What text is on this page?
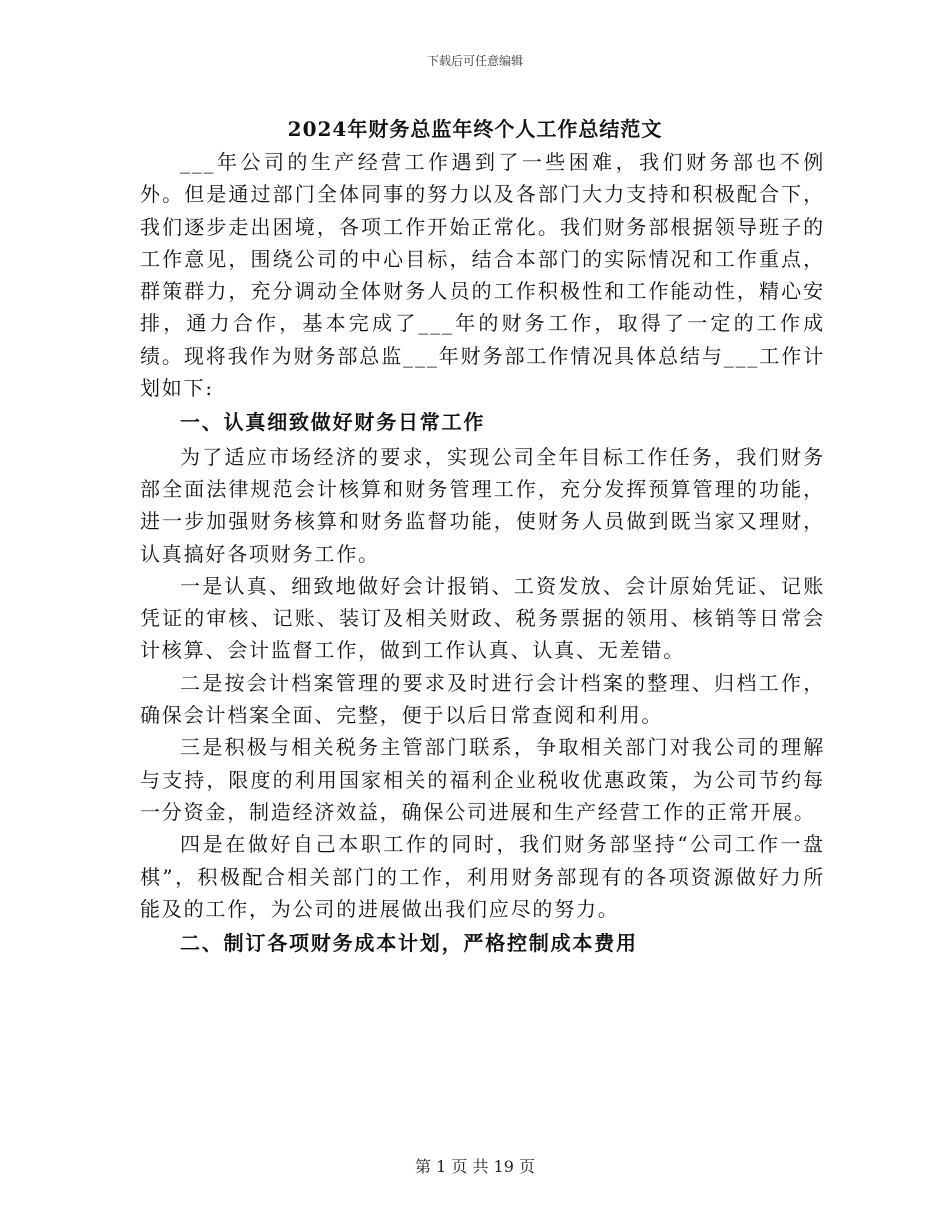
下载后可任意编辑
2024年财务总监年终个人工作总结范文

___年公司的生产经营工作遇到了一些困难，我们财务部也不例外。但是通过部门全体同事的努力以及各部门大力支持和积极配合下，我们逐步走出困境，各项工作开始正常化。我们财务部根据领导班子的工作意见，围绕公司的中心目标，结合本部门的实际情况和工作重点，群策群力，充分调动全体财务人员的工作积极性和工作能动性，精心安排，通力合作，基本完成了___年的财务工作，取得了一定的工作成绩。现将我作为财务部总监___年财务部工作情况具体总结与___工作计划如下:

一、认真细致做好财务日常工作

为了适应市场经济的要求，实现公司全年目标工作任务，我们财务部全面法律规范会计核算和财务管理工作，充分发挥预算管理的功能，进一步加强财务核算和财务监督功能，使财务人员做到既当家又理财，认真搞好各项财务工作。

一是认真、细致地做好会计报销、工资发放、会计原始凭证、记账凭证的审核、记账、装订及相关财政、税务票据的领用、核销等日常会计核算、会计监督工作，做到工作认真、认真、无差错。

二是按会计档案管理的要求及时进行会计档案的整理、归档工作，确保会计档案全面、完整，便于以后日常查阅和利用。

三是积极与相关税务主管部门联系，争取相关部门对我公司的理解与支持，限度的利用国家相关的福利企业税收优惠政策，为公司节约每一分资金，制造经济效益，确保公司进展和生产经营工作的正常开展。

四是在做好自己本职工作的同时，我们财务部坚持“公司工作一盘棋”，积极配合相关部门的工作，利用财务部现有的各项资源做好力所能及的工作，为公司的进展做出我们应尽的努力。

二、制订各项财务成本计划，严格控制成本费用
第 1 页 共 19 页
